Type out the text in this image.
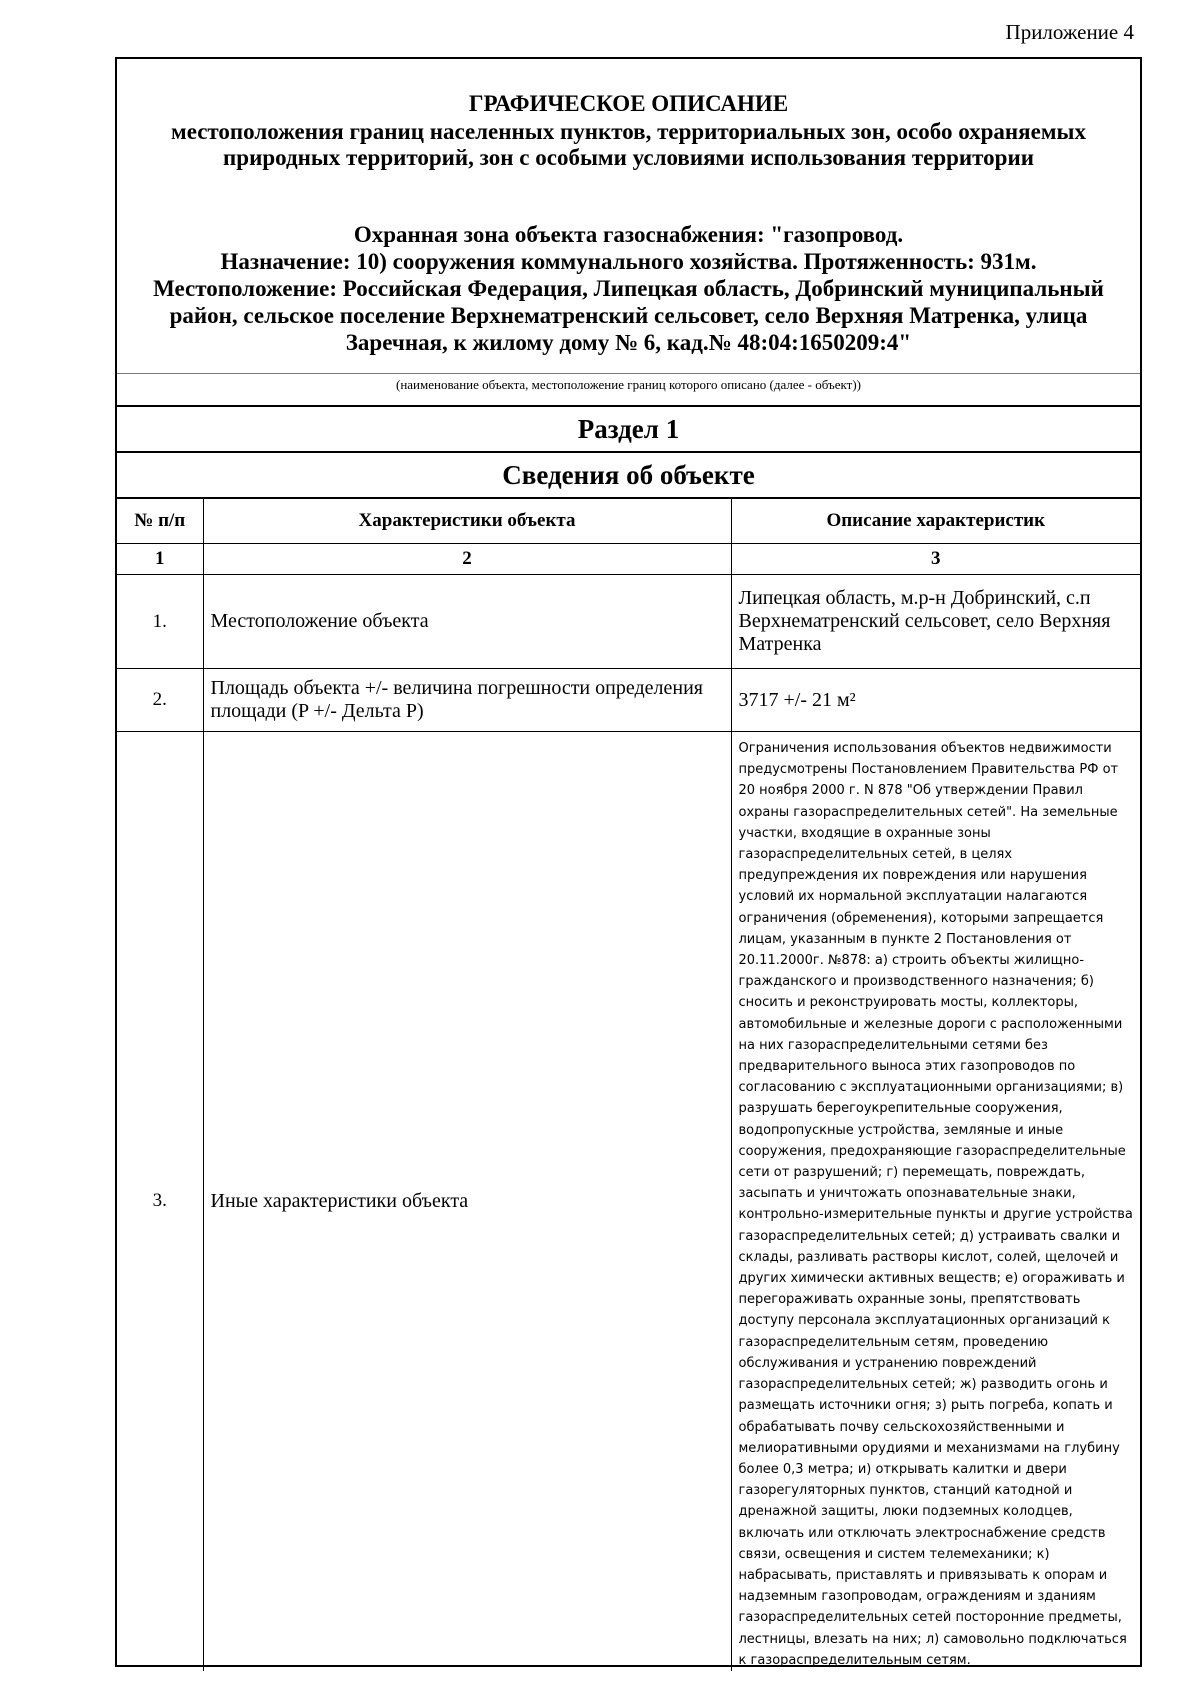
Приложение 4
ГРАФИЧЕСКОЕ ОПИСАНИЕ
местоположения границ населенных пунктов, территориальных зон, особо охраняемых природных территорий, зон с особыми условиями использования территории
Охранная зона объекта газоснабжения: "газопровод.
Назначение: 10) сооружения коммунального хозяйства. Протяженность: 931м.
Местоположение: Российская Федерация, Липецкая область, Добринский муниципальный район, сельское поселение Верхнематренский сельсовет, село Верхняя Матренка, улица Заречная, к жилому дому № 6, кад.№ 48:04:1650209:4"
(наименование объекта, местоположение границ которого описано (далее - объект))
Раздел 1
Сведения об объекте
№ п/п	Характеристики объекта	Описание характеристик
1	2	3
1.	Местоположение объекта	Липецкая область, м.р-н Добринский, с.п Верхнематренский сельсовет, село Верхняя Матренка
2.	Площадь объекта +/- величина погрешности определения площади (P +/- Дельта P)	3717 +/- 21 м²
3.	Иные характеристики объекта	Ограничения использования объектов недвижимости предусмотрены Постановлением Правительства РФ от 20 ноября 2000 г. N 878 "Об утверждении Правил охраны газораспределительных сетей". На земельные участки, входящие в охранные зоны газораспределительных сетей, в целях предупреждения их повреждения или нарушения условий их нормальной эксплуатации налагаются ограничения (обременения), которыми запрещается лицам, указанным в пункте 2 Постановления от 20.11.2000г. №878: а) строить объекты жилищно-гражданского и производственного назначения; б) сносить и реконструировать мосты, коллекторы, автомобильные и железные дороги с расположенными на них газораспределительными сетями без предварительного выноса этих газопроводов по согласованию с эксплуатационными организациями; в) разрушать берегоукрепительные сооружения, водопропускные устройства, земляные и иные сооружения, предохраняющие газораспределительные сети от разрушений; г) перемещать, повреждать, засыпать и уничтожать опознавательные знаки, контрольно-измерительные пункты и другие устройства газораспределительных сетей; д) устраивать свалки и склады, разливать растворы кислот, солей, щелочей и других химически активных веществ; е) огораживать и перегораживать охранные зоны, препятствовать доступу персонала эксплуатационных организаций к газораспределительным сетям, проведению обслуживания и устранению повреждений газораспределительных сетей; ж) разводить огонь и размещать источники огня; з) рыть погреба, копать и обрабатывать почву сельскохозяйственными и мелиоративными орудиями и механизмами на глубину более 0,3 метра; и) открывать калитки и двери газорегуляторных пунктов, станций катодной и дренажной защиты, люки подземных колодцев, включать или отключать электроснабжение средств связи, освещения и систем телемеханики; к) набрасывать, приставлять и привязывать к опорам и надземным газопроводам, ограждениям и зданиям газораспределительных сетей посторонние предметы, лестницы, влезать на них; л) самовольно подключаться к газораспределительным сетям.
